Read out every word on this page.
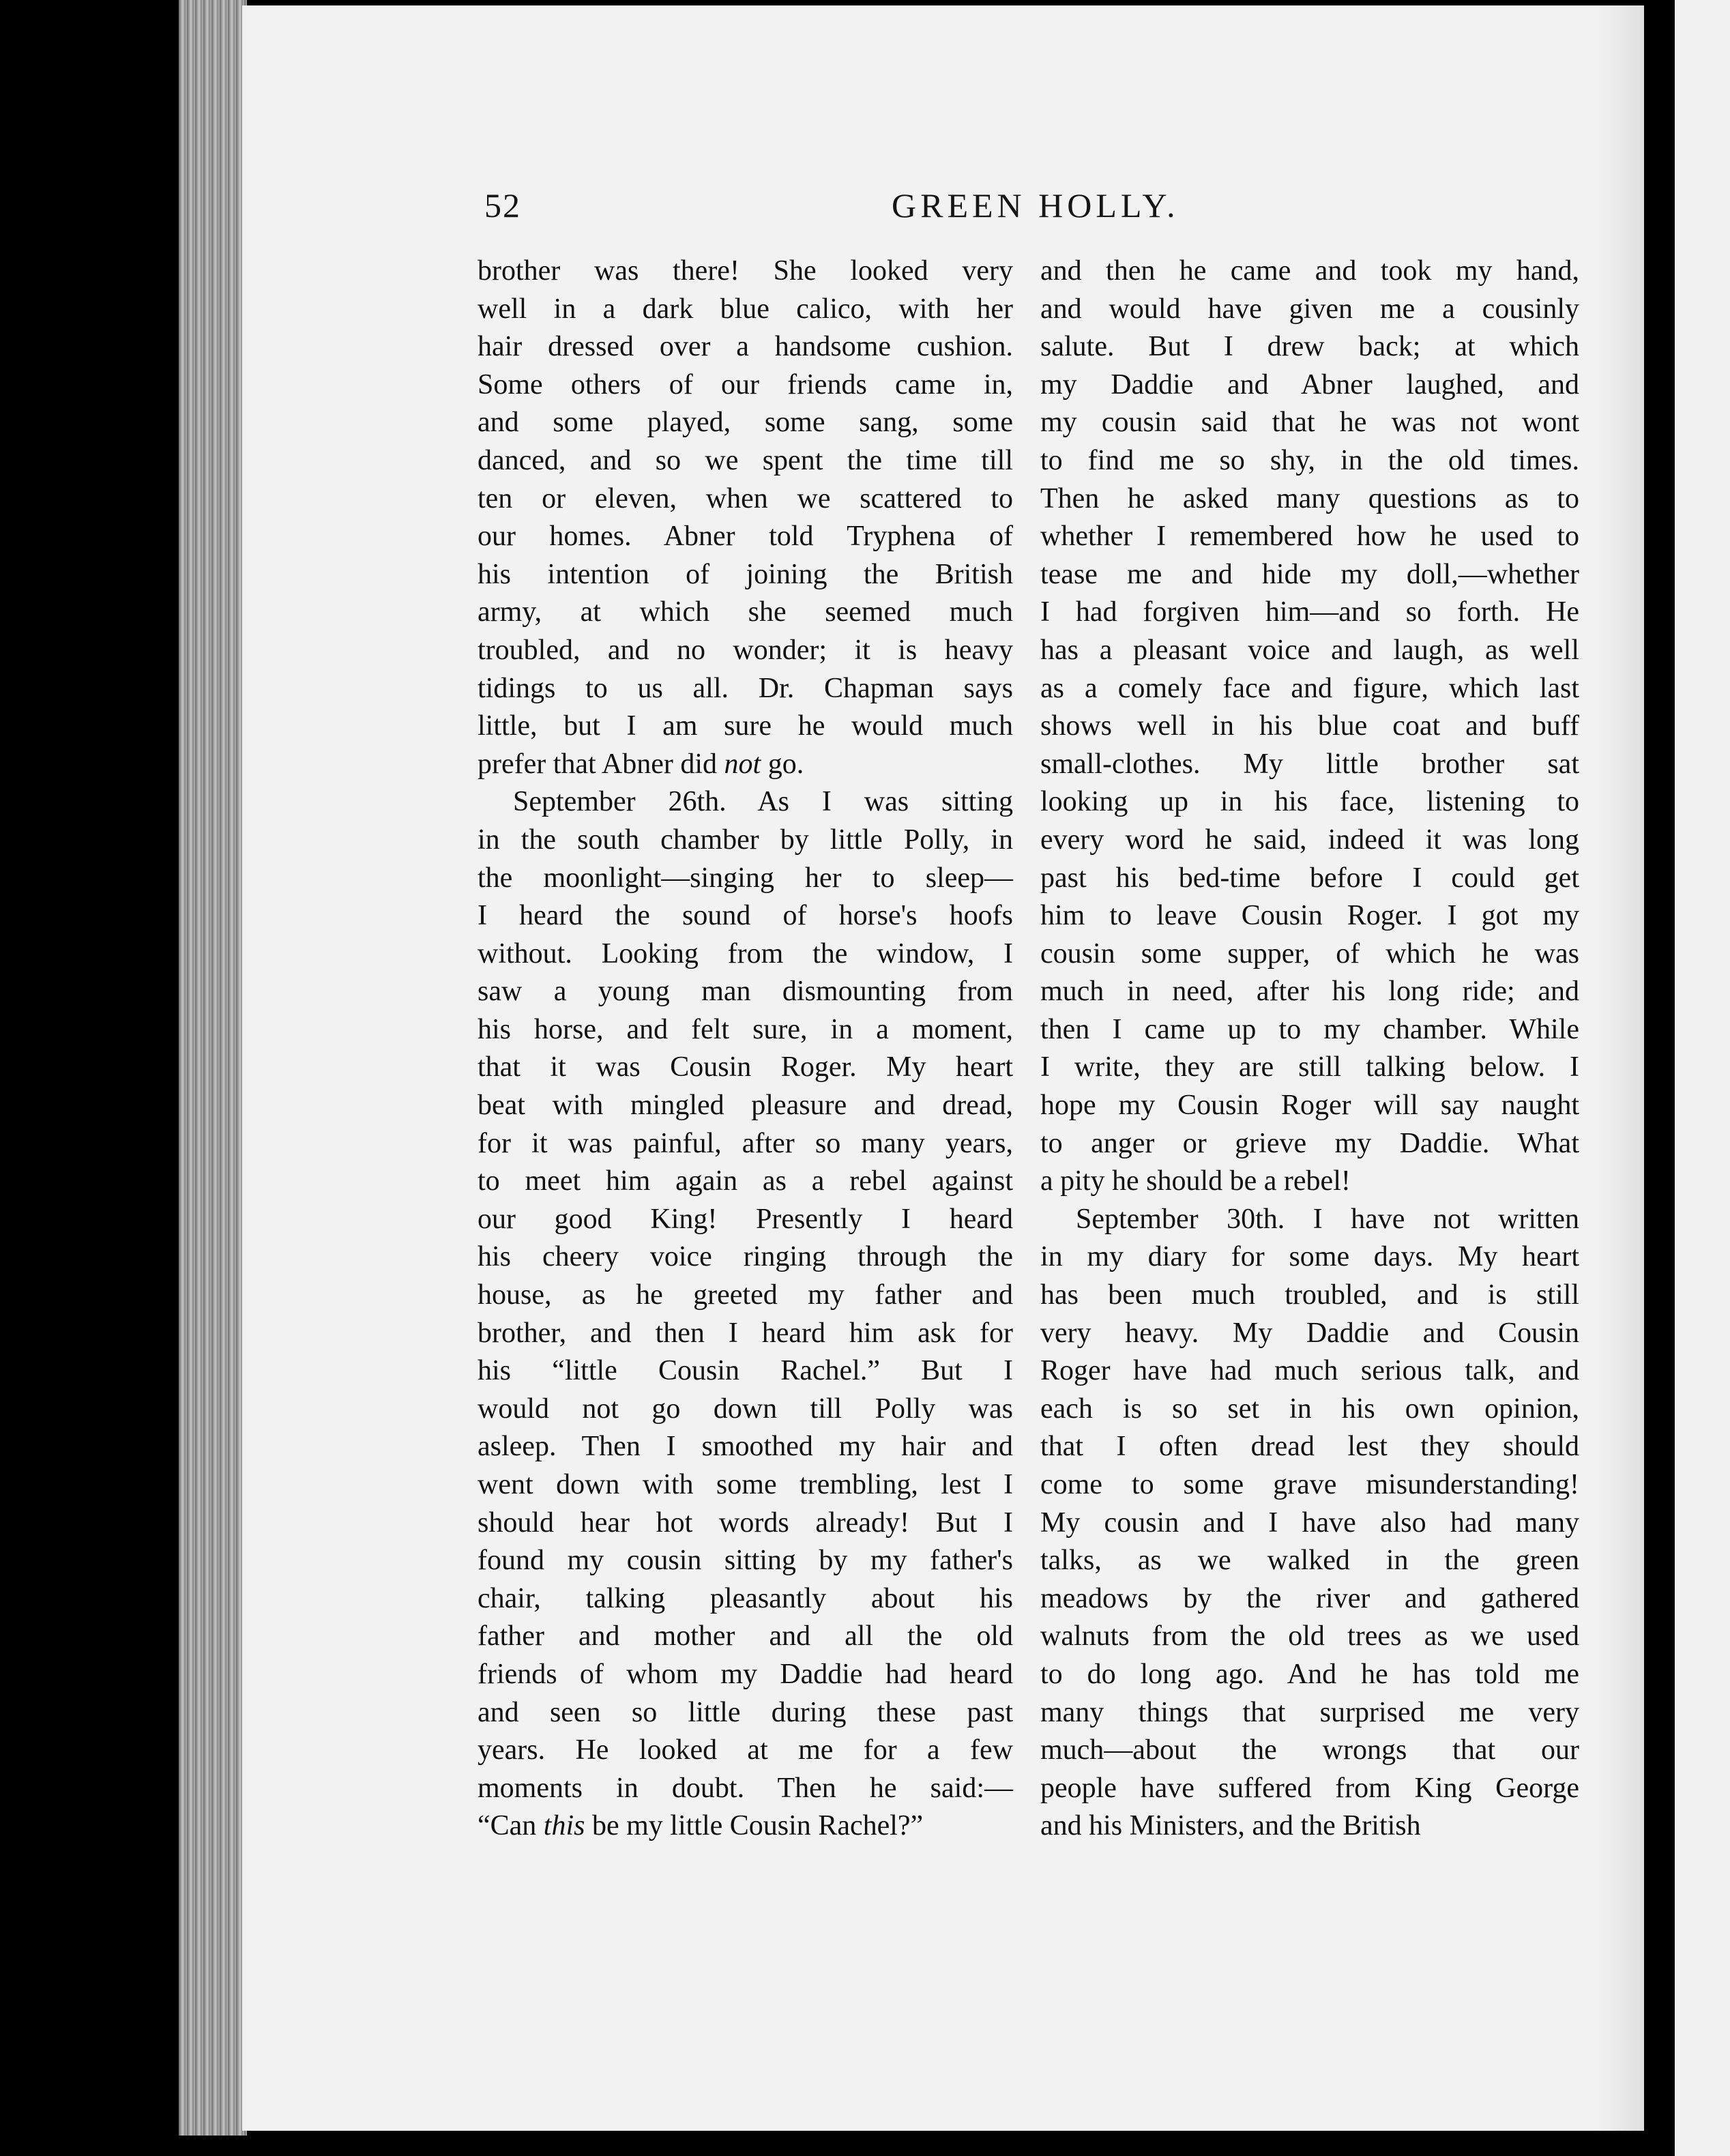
52	GREEN HOLLY.
brother was there! She looked very
well in a dark blue calico, with her
hair dressed over a handsome cushion.
Some others of our friends came in,
and some played, some sang, some
danced, and so we spent the time till
ten or eleven, when we scattered to
our homes. Abner told Tryphena of
his intention of joining the British
army, at which she seemed much
troubled, and no wonder; it is heavy
tidings to us all. Dr. Chapman says
little, but I am sure he would much
prefer that Abner did not go.
September 26th. As I was sitting
in the south chamber by little Polly, in
the moonlight—singing her to sleep—
I heard the sound of horse's hoofs
without. Looking from the window, I
saw a young man dismounting from
his horse, and felt sure, in a moment,
that it was Cousin Roger. My heart
beat with mingled pleasure and dread,
for it was painful, after so many years,
to meet him again as a rebel against
our good King! Presently I heard
his cheery voice ringing through the
house, as he greeted my father and
brother, and then I heard him ask for
his “little Cousin Rachel.” But I
would not go down till Polly was
asleep. Then I smoothed my hair and
went down with some trembling, lest I
should hear hot words already! But I
found my cousin sitting by my father's
chair, talking pleasantly about his
father and mother and all the old
friends of whom my Daddie had heard
and seen so little during these past
years. He looked at me for a few
moments in doubt. Then he said:—
“Can this be my little Cousin Rachel?”
and then he came and took my hand,
and would have given me a cousinly
salute. But I drew back; at which
my Daddie and Abner laughed, and
my cousin said that he was not wont
to find me so shy, in the old times.
Then he asked many questions as to
whether I remembered how he used to
tease me and hide my doll,—whether
I had forgiven him—and so forth. He
has a pleasant voice and laugh, as well
as a comely face and figure, which last
shows well in his blue coat and buff
small-clothes. My little brother sat
looking up in his face, listening to
every word he said, indeed it was long
past his bed-time before I could get
him to leave Cousin Roger. I got my
cousin some supper, of which he was
much in need, after his long ride; and
then I came up to my chamber. While
I write, they are still talking below. I
hope my Cousin Roger will say naught
to anger or grieve my Daddie. What
a pity he should be a rebel!
September 30th. I have not written
in my diary for some days. My heart
has been much troubled, and is still
very heavy. My Daddie and Cousin
Roger have had much serious talk, and
each is so set in his own opinion,
that I often dread lest they should
come to some grave misunderstanding!
My cousin and I have also had many
talks, as we walked in the green
meadows by the river and gathered
walnuts from the old trees as we used
to do long ago. And he has told me
many things that surprised me very
much—about the wrongs that our
people have suffered from King George
and his Ministers, and the British
